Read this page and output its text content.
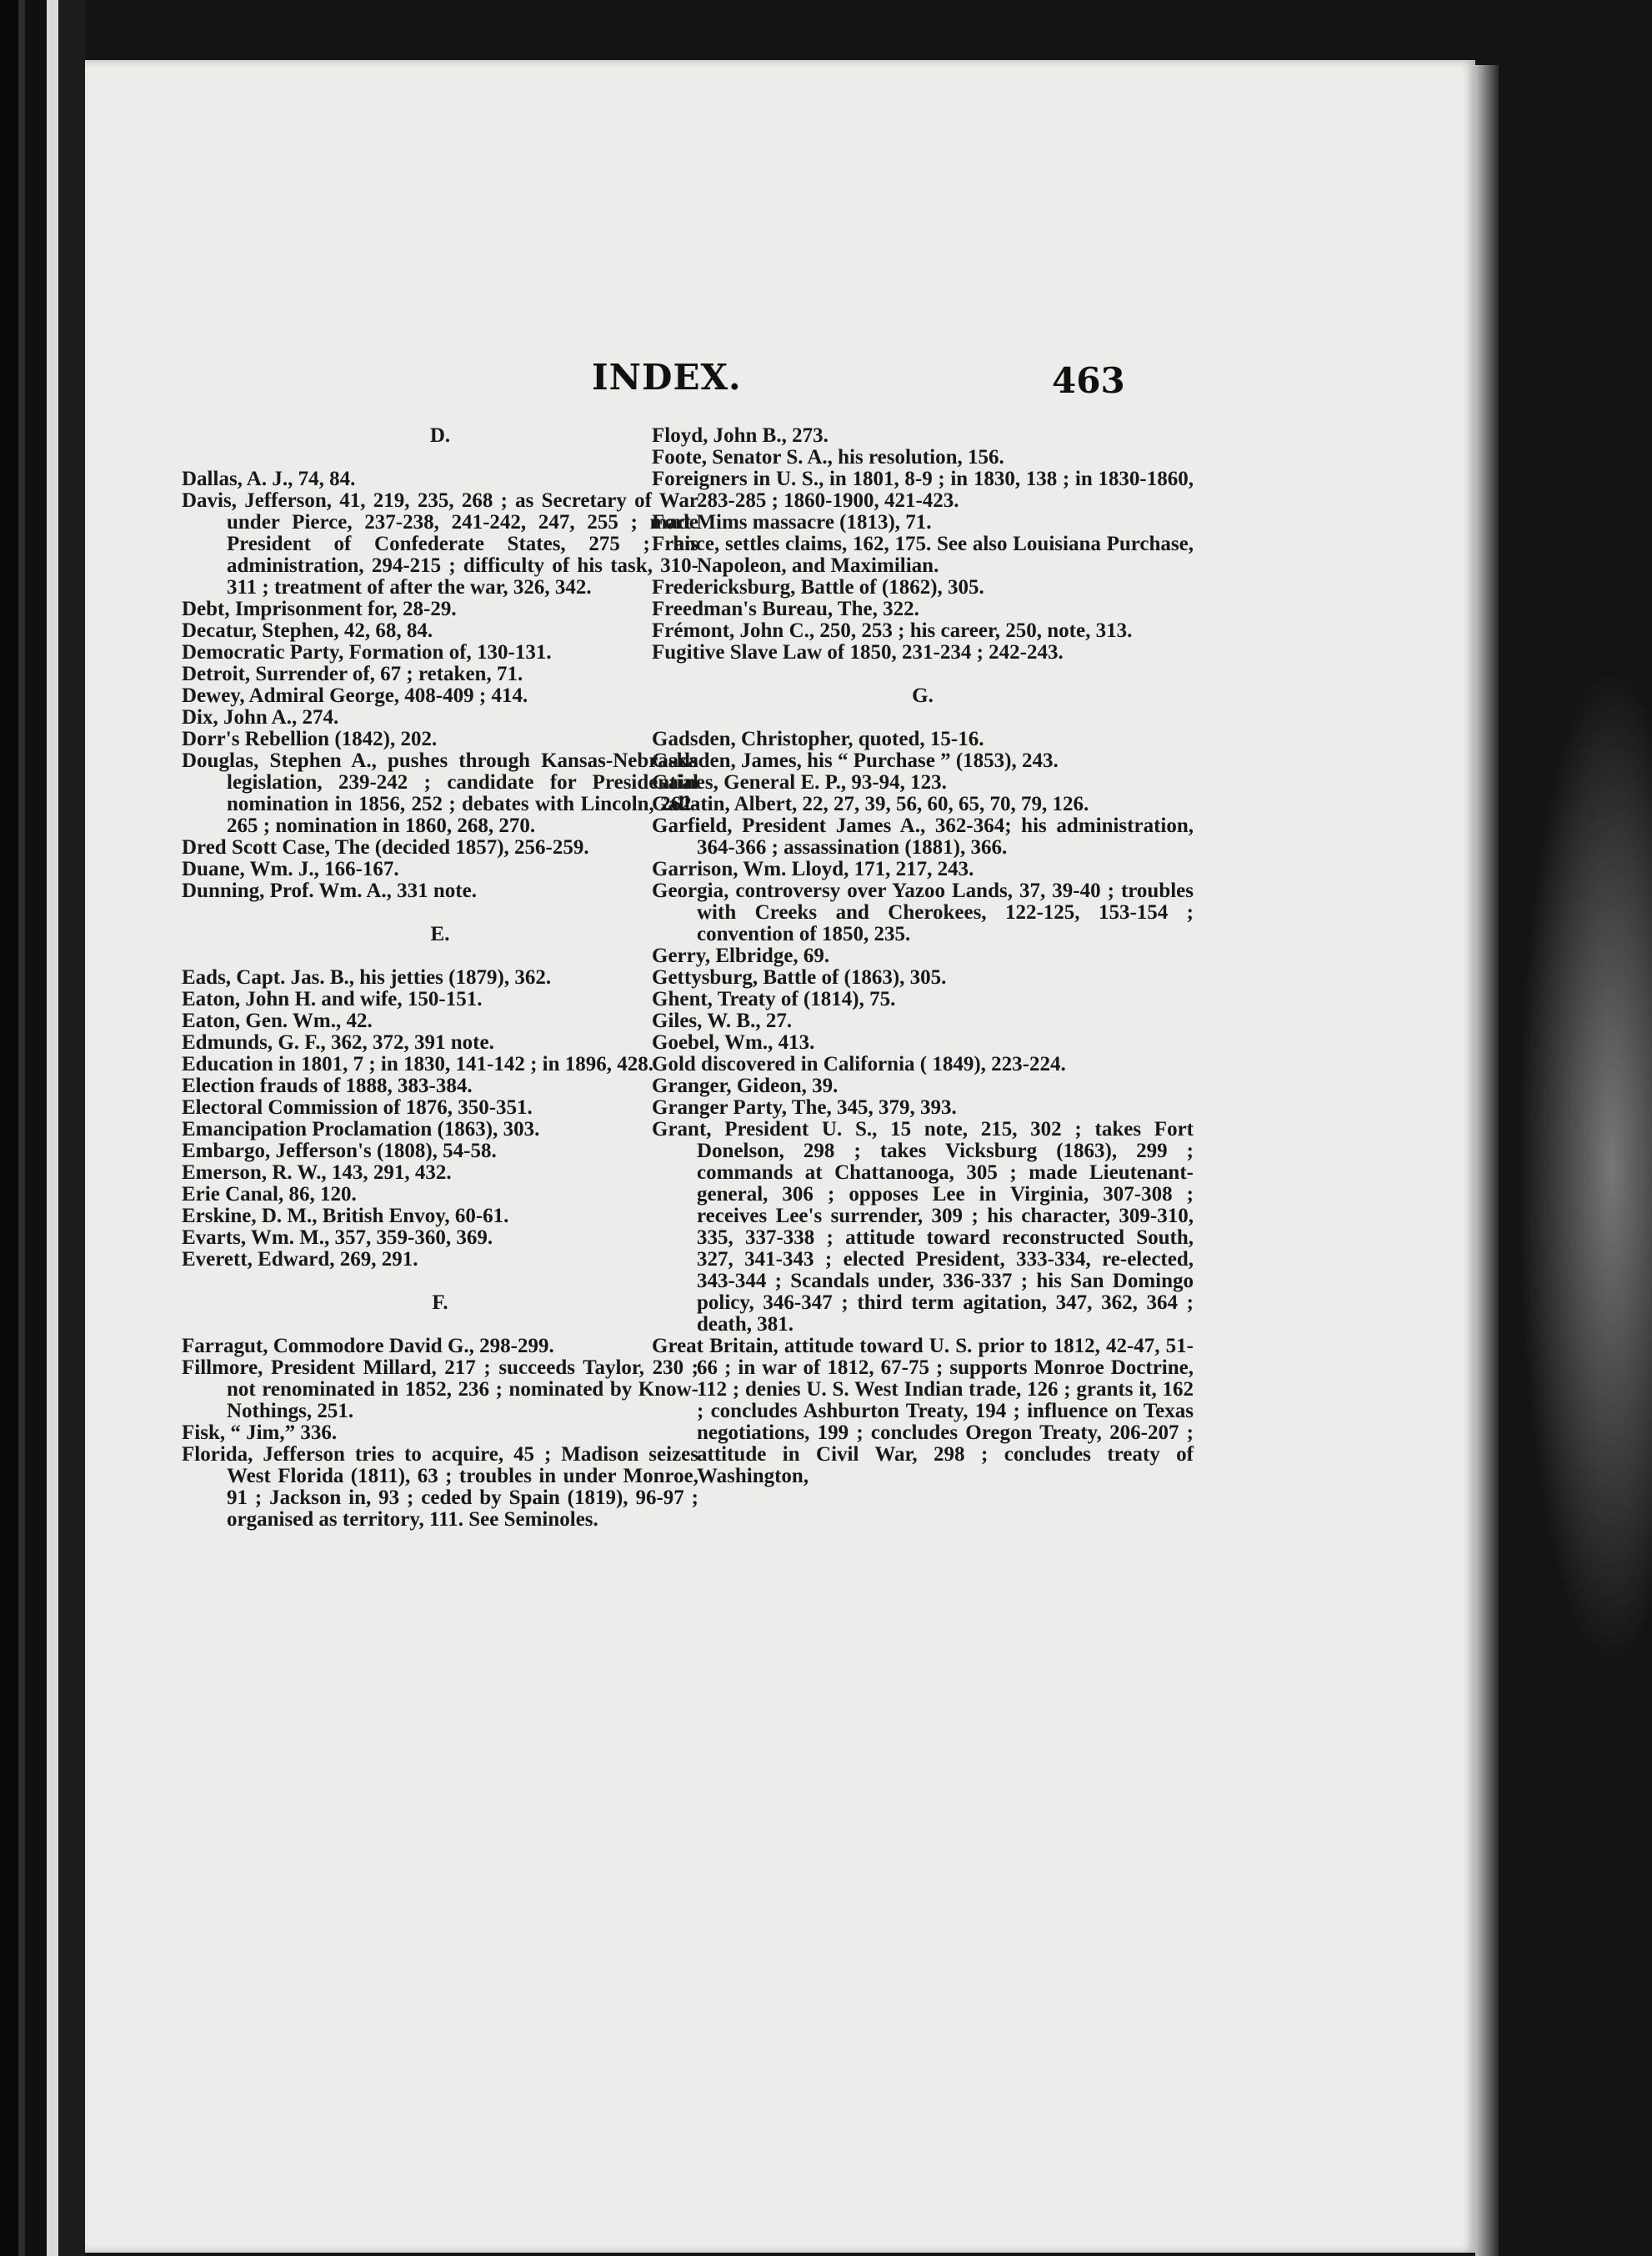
INDEX.	463

D.

Dallas, A. J., 74, 84.

Davis, Jefferson, 41, 219, 235, 268 ; as Secretary of War under Pierce, 237-238, 241-242, 247, 255 ; made President of Confederate States, 275 ; his administration, 294-215 ; difficulty of his task, 310-311 ; treatment of after the war, 326, 342.

Debt, Imprisonment for, 28-29.

Decatur, Stephen, 42, 68, 84.

Democratic Party, Formation of, 130-131.

Detroit, Surrender of, 67 ; retaken, 71.

Dewey, Admiral George, 408-409 ; 414.

Dix, John A., 274.

Dorr's Rebellion (1842), 202.

Douglas, Stephen A., pushes through Kansas-Nebraska legislation, 239-242 ; candidate for Presidential nomination in 1856, 252 ; debates with Lincoln, 262-265 ; nomination in 1860, 268, 270.

Dred Scott Case, The (decided 1857), 256-259.

Duane, Wm. J., 166-167.

Dunning, Prof. Wm. A., 331 note.

E.

Eads, Capt. Jas. B., his jetties (1879), 362.

Eaton, John H. and wife, 150-151.

Eaton, Gen. Wm., 42.

Edmunds, G. F., 362, 372, 391 note.

Education in 1801, 7 ; in 1830, 141-142 ; in 1896, 428.

Election frauds of 1888, 383-384.

Electoral Commission of 1876, 350-351.

Emancipation Proclamation (1863), 303.

Embargo, Jefferson's (1808), 54-58.

Emerson, R. W., 143, 291, 432.

Erie Canal, 86, 120.

Erskine, D. M., British Envoy, 60-61.

Evarts, Wm. M., 357, 359-360, 369.

Everett, Edward, 269, 291.

F.

Farragut, Commodore David G., 298-299.

Fillmore, President Millard, 217 ; succeeds Taylor, 230 ; not renominated in 1852, 236 ; nominated by Know-Nothings, 251.

Fisk, “ Jim,” 336.

Florida, Jefferson tries to acquire, 45 ; Madison seizes West Florida (1811), 63 ; troubles in under Monroe, 91 ; Jackson in, 93 ; ceded by Spain (1819), 96-97 ; organised as territory, 111. See Seminoles.

Floyd, John B., 273.

Foote, Senator S. A., his resolution, 156.

Foreigners in U. S., in 1801, 8-9 ; in 1830, 138 ; in 1830-1860, 283-285 ; 1860-1900, 421-423.

Fort Mims massacre (1813), 71.

France, settles claims, 162, 175. See also Louisiana Purchase, Napoleon, and Maximilian.

Fredericksburg, Battle of (1862), 305.

Freedman's Bureau, The, 322.

Frémont, John C., 250, 253 ; his career, 250, note, 313.

Fugitive Slave Law of 1850, 231-234 ; 242-243.

G.

Gadsden, Christopher, quoted, 15-16.

Gadsden, James, his “ Purchase ” (1853), 243.

Gaines, General E. P., 93-94, 123.

Gallatin, Albert, 22, 27, 39, 56, 60, 65, 70, 79, 126.

Garfield, President James A., 362-364; his administration, 364-366 ; assassination (1881), 366.

Garrison, Wm. Lloyd, 171, 217, 243.

Georgia, controversy over Yazoo Lands, 37, 39-40 ; troubles with Creeks and Cherokees, 122-125, 153-154 ; convention of 1850, 235.

Gerry, Elbridge, 69.

Gettysburg, Battle of (1863), 305.

Ghent, Treaty of (1814), 75.

Giles, W. B., 27.

Goebel, Wm., 413.

Gold discovered in California ( 1849), 223-224.

Granger, Gideon, 39.

Granger Party, The, 345, 379, 393.

Grant, President U. S., 15 note, 215, 302 ; takes Fort Donelson, 298 ; takes Vicksburg (1863), 299 ; commands at Chattanooga, 305 ; made Lieutenant-general, 306 ; opposes Lee in Virginia, 307-308 ; receives Lee's surrender, 309 ; his character, 309-310, 335, 337-338 ; attitude toward reconstructed South, 327, 341-343 ; elected President, 333-334, re-elected, 343-344 ; Scandals under, 336-337 ; his San Domingo policy, 346-347 ; third term agitation, 347, 362, 364 ; death, 381.

Great Britain, attitude toward U. S. prior to 1812, 42-47, 51-66 ; in war of 1812, 67-75 ; supports Monroe Doctrine, 112 ; denies U. S. West Indian trade, 126 ; grants it, 162 ; concludes Ashburton Treaty, 194 ; influence on Texas negotiations, 199 ; concludes Oregon Treaty, 206-207 ; attitude in Civil War, 298 ; concludes treaty of Washington,
